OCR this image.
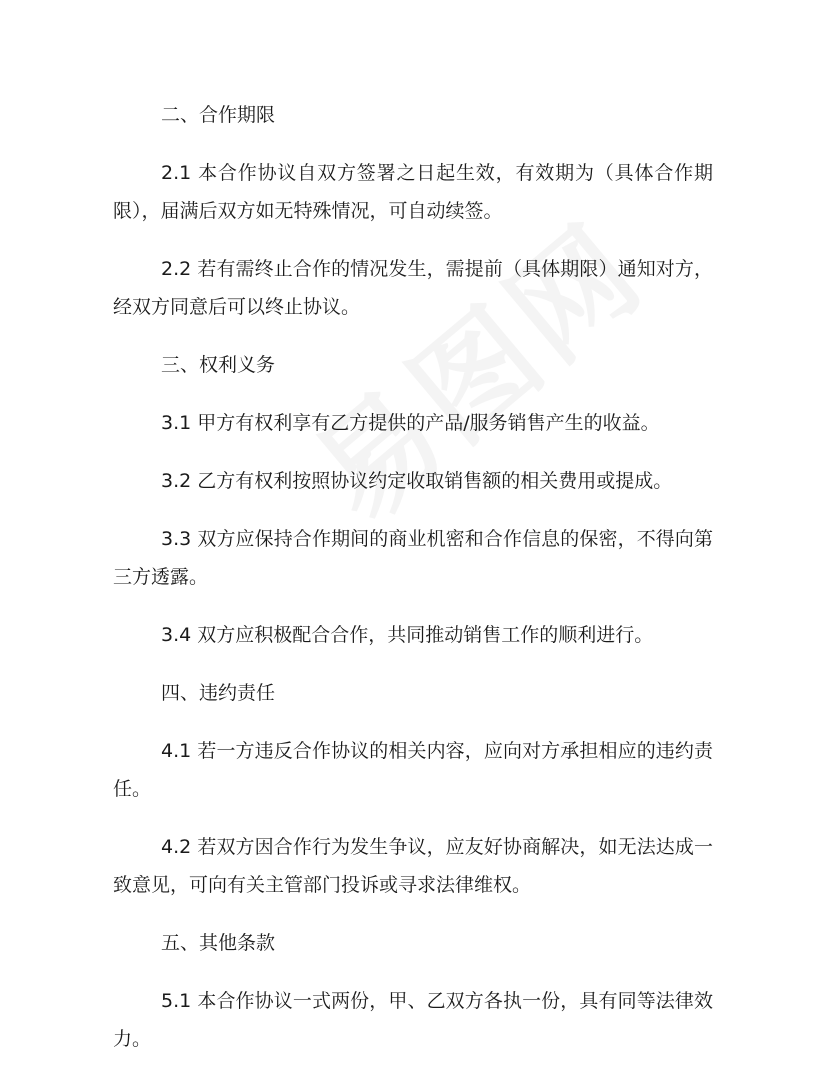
二、合作期限

2.1 本合作协议自双方签署之日起生效，有效期为（具体合作期限），届满后双方如无特殊情况，可自动续签。

2.2 若有需终止合作的情况发生，需提前（具体期限）通知对方，经双方同意后可以终止协议。

三、权利义务

3.1 甲方有权利享有乙方提供的产品/服务销售产生的收益。

3.2 乙方有权利按照协议约定收取销售额的相关费用或提成。

3.3 双方应保持合作期间的商业机密和合作信息的保密，不得向第三方透露。

3.4 双方应积极配合合作，共同推动销售工作的顺利进行。

四、违约责任

4.1 若一方违反合作协议的相关内容，应向对方承担相应的违约责任。

4.2 若双方因合作行为发生争议，应友好协商解决，如无法达成一致意见，可向有关主管部门投诉或寻求法律维权。

五、其他条款

5.1 本合作协议一式两份，甲、乙双方各执一份，具有同等法律效力。
